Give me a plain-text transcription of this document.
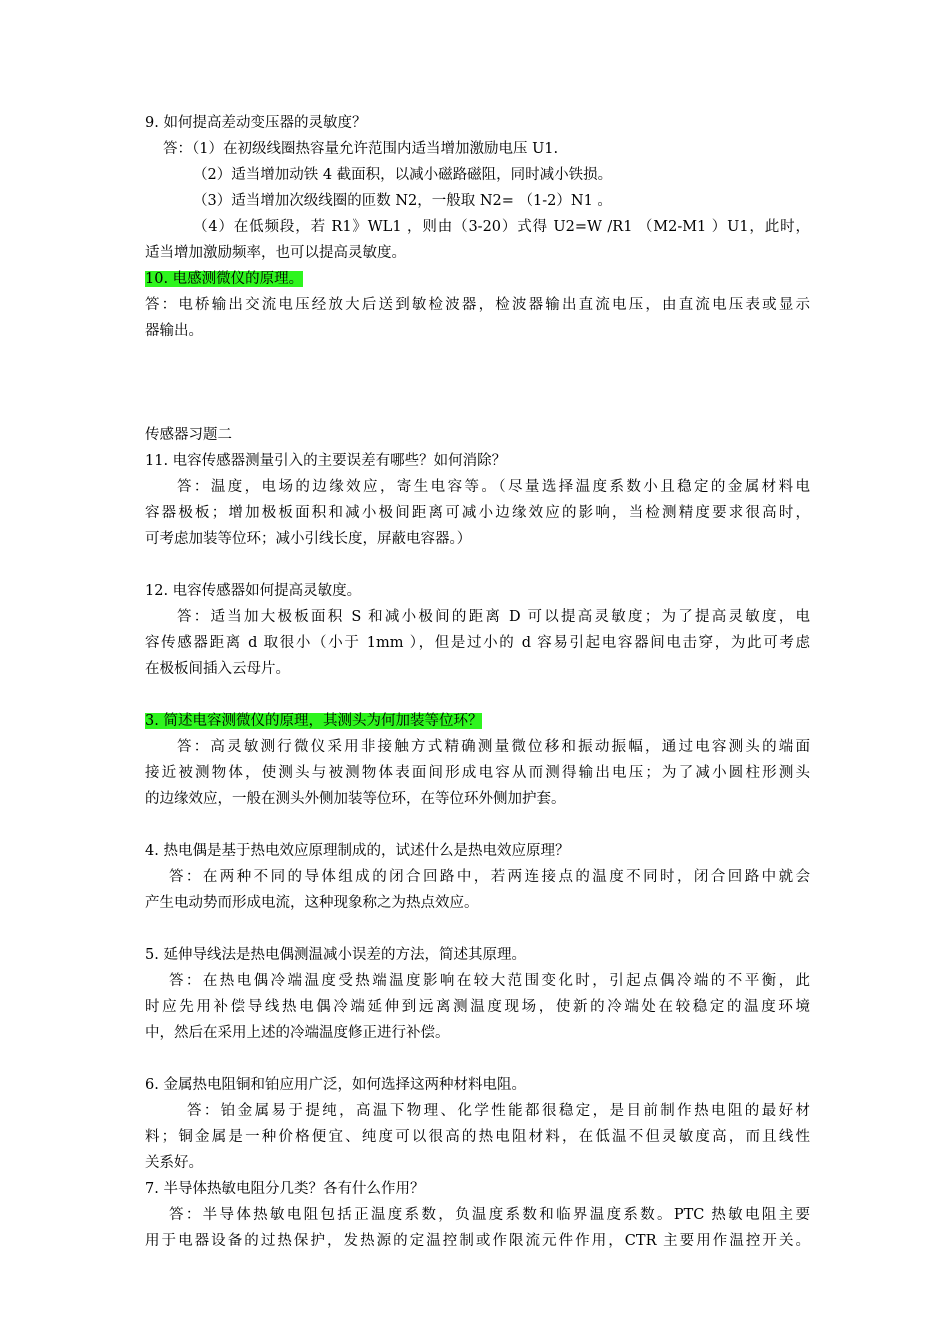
9. 如何提高差动变压器的灵敏度？
答：（1）在初级线圈热容量允许范围内适当增加激励电压 U1.
（2）适当增加动铁 4 截面积，以减小磁路磁阻，同时减小铁损。
（3）适当增加次级线圈的匝数 N2，一般取 N2= （1-2）N1 。
（4）在低频段，若 R1》WL1 ，则由（3-20）式得 U2=W /R1 （M2-M1 ）U1，此时，
适当增加激励频率，也可以提高灵敏度。
10. 电感测微仪的原理。
答：电桥输出交流电压经放大后送到敏检波器，检波器输出直流电压，由直流电压表或显示
器输出。
传感器习题二
11. 电容传感器测量引入的主要误差有哪些？如何消除？
答：温度，电场的边缘效应，寄生电容等。（尽量选择温度系数小且稳定的金属材料电
容器极板；增加极板面积和减小极间距离可减小边缘效应的影响，当检测精度要求很高时，
可考虑加装等位环；减小引线长度，屏蔽电容器。）
12. 电容传感器如何提高灵敏度。
答：适当加大极板面积 S 和减小极间的距离 D 可以提高灵敏度；为了提高灵敏度，电
容传感器距离 d 取很小（小于 1mm ），但是过小的 d 容易引起电容器间电击穿，为此可考虑
在极板间插入云母片。
3. 简述电容测微仪的原理，其测头为何加装等位环？
答：高灵敏测行微仪采用非接触方式精确测量微位移和振动振幅，通过电容测头的端面
接近被测物体，使测头与被测物体表面间形成电容从而测得输出电压；为了减小圆柱形测头
的边缘效应，一般在测头外侧加装等位环，在等位环外侧加护套。
4. 热电偶是基于热电效应原理制成的，试述什么是热电效应原理？
答：在两种不同的导体组成的闭合回路中，若两连接点的温度不同时，闭合回路中就会
产生电动势而形成电流，这种现象称之为热点效应。
5. 延伸导线法是热电偶测温减小误差的方法，简述其原理。
答：在热电偶冷端温度受热端温度影响在较大范围变化时，引起点偶冷端的不平衡，此
时应先用补偿导线热电偶冷端延伸到远离测温度现场，使新的冷端处在较稳定的温度环境
中，然后在采用上述的冷端温度修正进行补偿。
6. 金属热电阻铜和铂应用广泛，如何选择这两种材料电阻。
答：铂金属易于提纯，高温下物理、化学性能都很稳定，是目前制作热电阻的最好材
料；铜金属是一种价格便宜、纯度可以很高的热电阻材料，在低温不但灵敏度高，而且线性
关系好。
7. 半导体热敏电阻分几类？各有什么作用？
答：半导体热敏电阻包括正温度系数，负温度系数和临界温度系数。PTC 热敏电阻主要
用于电器设备的过热保护，发热源的定温控制或作限流元件作用，CTR 主要用作温控开关。
